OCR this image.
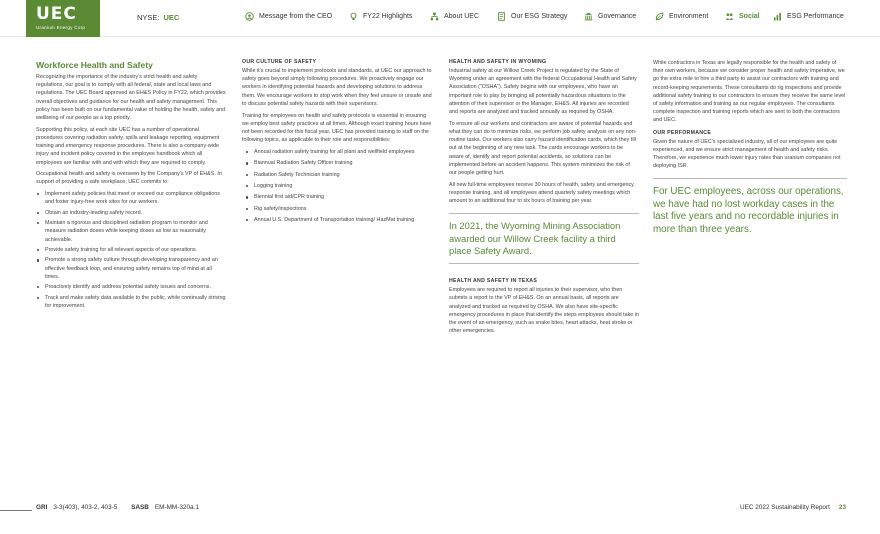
UEC
Uranium Energy Corp
NYSE: UEC	Message from the CEO	FY22 Highlights	About UEC	Our ESG Strategy	Governance	Environment	Social	ESG Performance
Workforce Health and Safety

Recognizing the importance of the industry's strict health and safety regulations, our goal is to comply with all federal, state and local laws and regulations. The UEC Board approved an EH&S Policy in FY22, which provides overall objectives and guidance for our health and safety management. This policy has been built on our fundamental value of holding the health, safety and wellbeing of our people as a top priority.

Supporting this policy, at each site UEC has a number of operational procedures covering radiation safety, spills and leakage reporting, equipment training and emergency response procedures. There is also a company-wide injury and incident policy covered in the employee handbook which all employees are familiar with and with which they are required to comply.

Occupational health and safety is overseen by the Company's VP of EH&S. In support of providing a safe workplace, UEC commits to:

Implement safety policies that meet or exceed our compliance obligations and foster injury-free work sites for our workers.
Obtain an industry-leading safety record.
Maintain a rigorous and disciplined radiation program to monitor and measure radiation doses while keeping doses as low as reasonably achievable.
Provide safety training for all relevant aspects of our operations.
Promote a strong safety culture through developing transparency and an effective feedback loop, and ensuring safety remains top of mind at all times.
Proactively identify and address potential safety issues and concerns.
Track and make safety data available to the public, while continually striving for improvement.
OUR CULTURE OF SAFETY

While it's crucial to implement protocols and standards, at UEC our approach to safety goes beyond simply following procedures. We proactively engage our workers in identifying potential hazards and developing solutions to address them. We encourage workers to stop work when they feel unsure or unsafe and to discuss potential safety hazards with their supervisors.

Training for employees on health and safety protocols is essential in ensuring we employ best safety practices at all times. Although exact training hours have not been recorded for this fiscal year, UEC has provided training to staff on the following topics, as applicable to their role and responsibilities:

Annual radiation safety training for all plant and wellfield employees
Biannual Radiation Safety Officer training
Radiation Safety Technician training
Logging training
Biennial first aid/CPR training
Rig safety/inspections
Annual U.S. Department of Transportation training/ HazMat training
HEALTH AND SAFETY IN WYOMING

Industrial safety at our Willow Creek Project is regulated by the State of Wyoming under an agreement with the federal Occupational Health and Safety Association ("OSHA"). Safety begins with our employees, who have an important role to play by bringing all potentially hazardous situations to the attention of their supervisor or the Manager, EH&S. All injuries are recorded and reports are analyzed and tracked annually as required by OSHA.

To ensure all our workers and contractors are aware of potential hazards and what they can do to minimize risks, we perform job safety analysis on any non-routine tasks. Our workers also carry hazard identification cards, which they fill out at the beginning of any new task. The cards encourage workers to be aware of, identify and report potential accidents, so solutions can be implemented before an accident happens. This system minimizes the risk of our people getting hurt.

All new full-time employees receive 30 hours of health, safety and emergency response training, and all employees attend quarterly safety meetings which amount to an additional four to six hours of training per year.

In 2021, the Wyoming Mining Association awarded our Willow Creek facility a third place Safety Award.
HEALTH AND SAFETY IN TEXAS

Employees are required to report all injuries to their supervisor, who then submits a report to the VP of EH&S. On an annual basis, all reports are analyzed and tracked as required by OSHA. We also have site-specific emergency procedures in place that identify the steps employees should take in the event of an emergency, such as snake bites, heart attacks, heat stroke or other emergencies.

While contractors in Texas are legally responsible for the health and safety of their own workers, because we consider proper health and safety imperative, we go the extra mile to hire a third party to assist our contractors with training and record-keeping requirements. These consultants do rig inspections and provide additional safety training to our contractors to ensure they receive the same level of safety information and training as our regular employees. The consultants complete inspection and training reports which are sent to both the contractors and UEC.

OUR PERFORMANCE

Given the nature of UEC's specialized industry, all of our employees are quite experienced, and we ensure strict management of health and safety risks. Therefore, we experience much lower injury rates than uranium companies not deploying ISR.

For UEC employees, across our operations, we have had no lost workday cases in the last five years and no recordable injuries in more than three years.
GRI 3-3(403), 403-2, 403-5 SASB EM-MM-320a.1	UEC 2022 Sustainability Report 23
